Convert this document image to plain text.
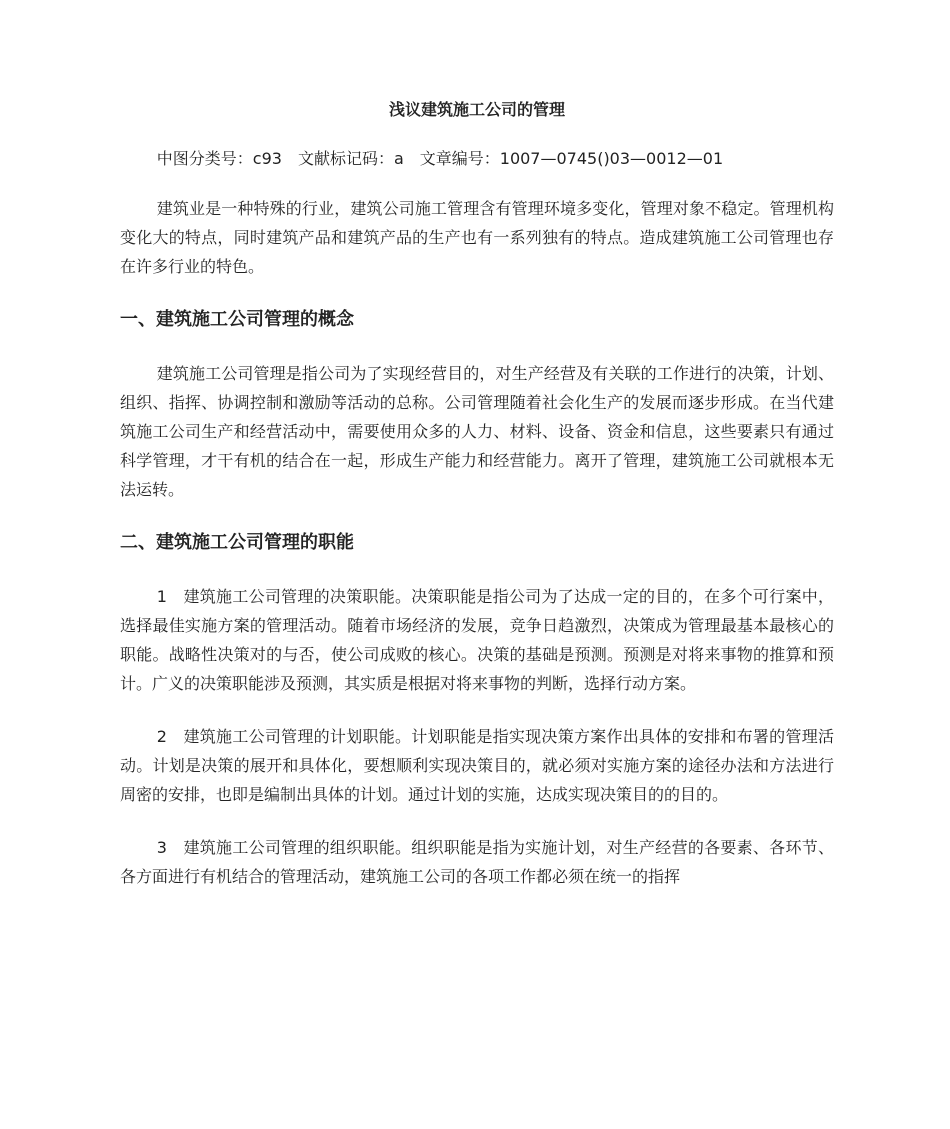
浅议建筑施工公司的管理
中图分类号：c93　文献标记码：a　文章编号：1007—0745()03—0012—01

建筑业是一种特殊的行业，建筑公司施工管理含有管理环境多变化，管理对象不稳定。管理机构变化大的特点，同时建筑产品和建筑产品的生产也有一系列独有的特点。造成建筑施工公司管理也存在许多行业的特色。

一、建筑施工公司管理的概念

建筑施工公司管理是指公司为了实现经营目的，对生产经营及有关联的工作进行的决策，计划、组织、指挥、协调控制和激励等活动的总称。公司管理随着社会化生产的发展而逐步形成。在当代建筑施工公司生产和经营活动中，需要使用众多的人力、材料、设备、资金和信息，这些要素只有通过科学管理，才干有机的结合在一起，形成生产能力和经营能力。离开了管理，建筑施工公司就根本无法运转。

二、建筑施工公司管理的职能

1　建筑施工公司管理的决策职能。决策职能是指公司为了达成一定的目的，在多个可行案中，选择最佳实施方案的管理活动。随着市场经济的发展，竞争日趋激烈，决策成为管理最基本最核心的职能。战略性决策对的与否，使公司成败的核心。决策的基础是预测。预测是对将来事物的推算和预计。广义的决策职能涉及预测，其实质是根据对将来事物的判断，选择行动方案。

2　建筑施工公司管理的计划职能。计划职能是指实现决策方案作出具体的安排和布署的管理活动。计划是决策的展开和具体化，要想顺利实现决策目的，就必须对实施方案的途径办法和方法进行周密的安排，也即是编制出具体的计划。通过计划的实施，达成实现决策目的的目的。

3　建筑施工公司管理的组织职能。组织职能是指为实施计划，对生产经营的各要素、各环节、各方面进行有机结合的管理活动，建筑施工公司的各项工作都必须在统一的指挥
